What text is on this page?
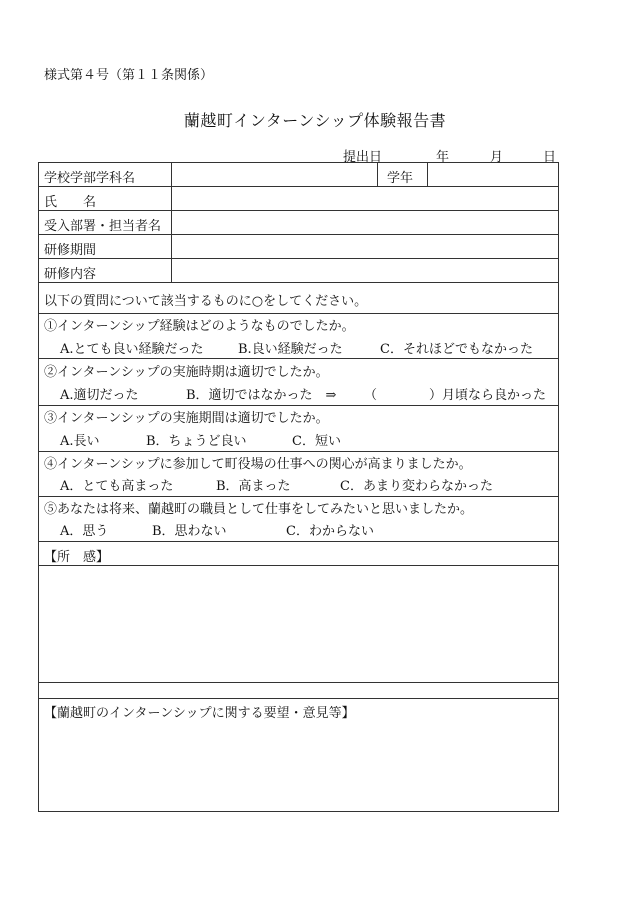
様式第４号（第１１条関係）
蘭越町インターンシップ体験報告書
提出日	年	月	日
学校学部学科名	学年
氏　　名
受入部署・担当者名
研修期間
研修内容
以下の質問について該当するものに○をしてください。
①インターンシップ経験はどのようなものでしたか。
A.とても良い経験だった	B.良い経験だった	C．それほどでもなかった
②インターンシップの実施時期は適切でしたか。
A.適切だった	B．適切ではなかった　⇒ （　　　　）月頃なら良かった
③インターンシップの実施期間は適切でしたか。
A.長い	B．ちょうど良い	C．短い
④インターンシップに参加して町役場の仕事への関心が高まりましたか。
A．とても高まった	B．高まった	C．あまり変わらなかった
⑤あなたは将来、蘭越町の職員として仕事をしてみたいと思いましたか。
A．思う	B．思わない	C．わからない
【所　感】
【蘭越町のインターンシップに関する要望・意見等】
